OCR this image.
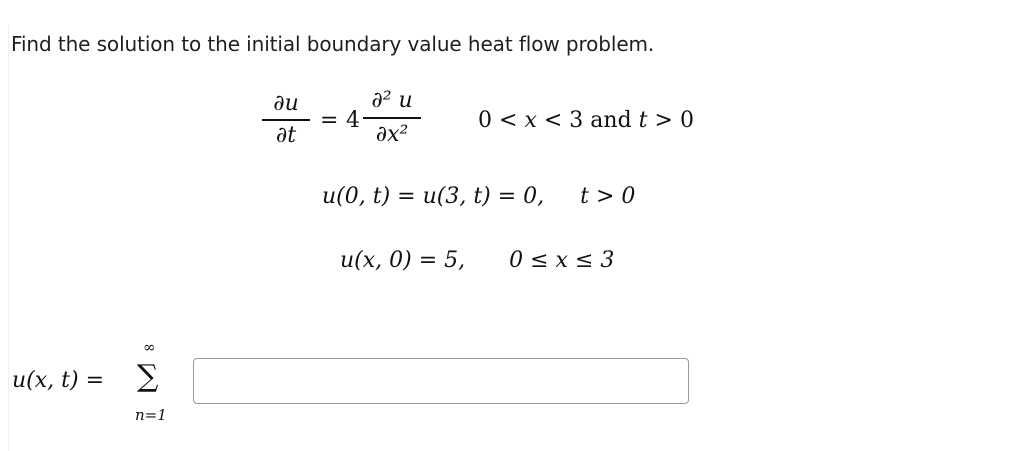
Find the solution to the initial boundary value heat flow problem.
∂u
∂t
= 4
∂² u
∂x²
0 < x < 3 and t > 0
u(0, t) = u(3, t) = 0, t > 0
u(x, 0) = 5, 0 ≤ x ≤ 3
u(x, t) =
∞
∑
n=1
